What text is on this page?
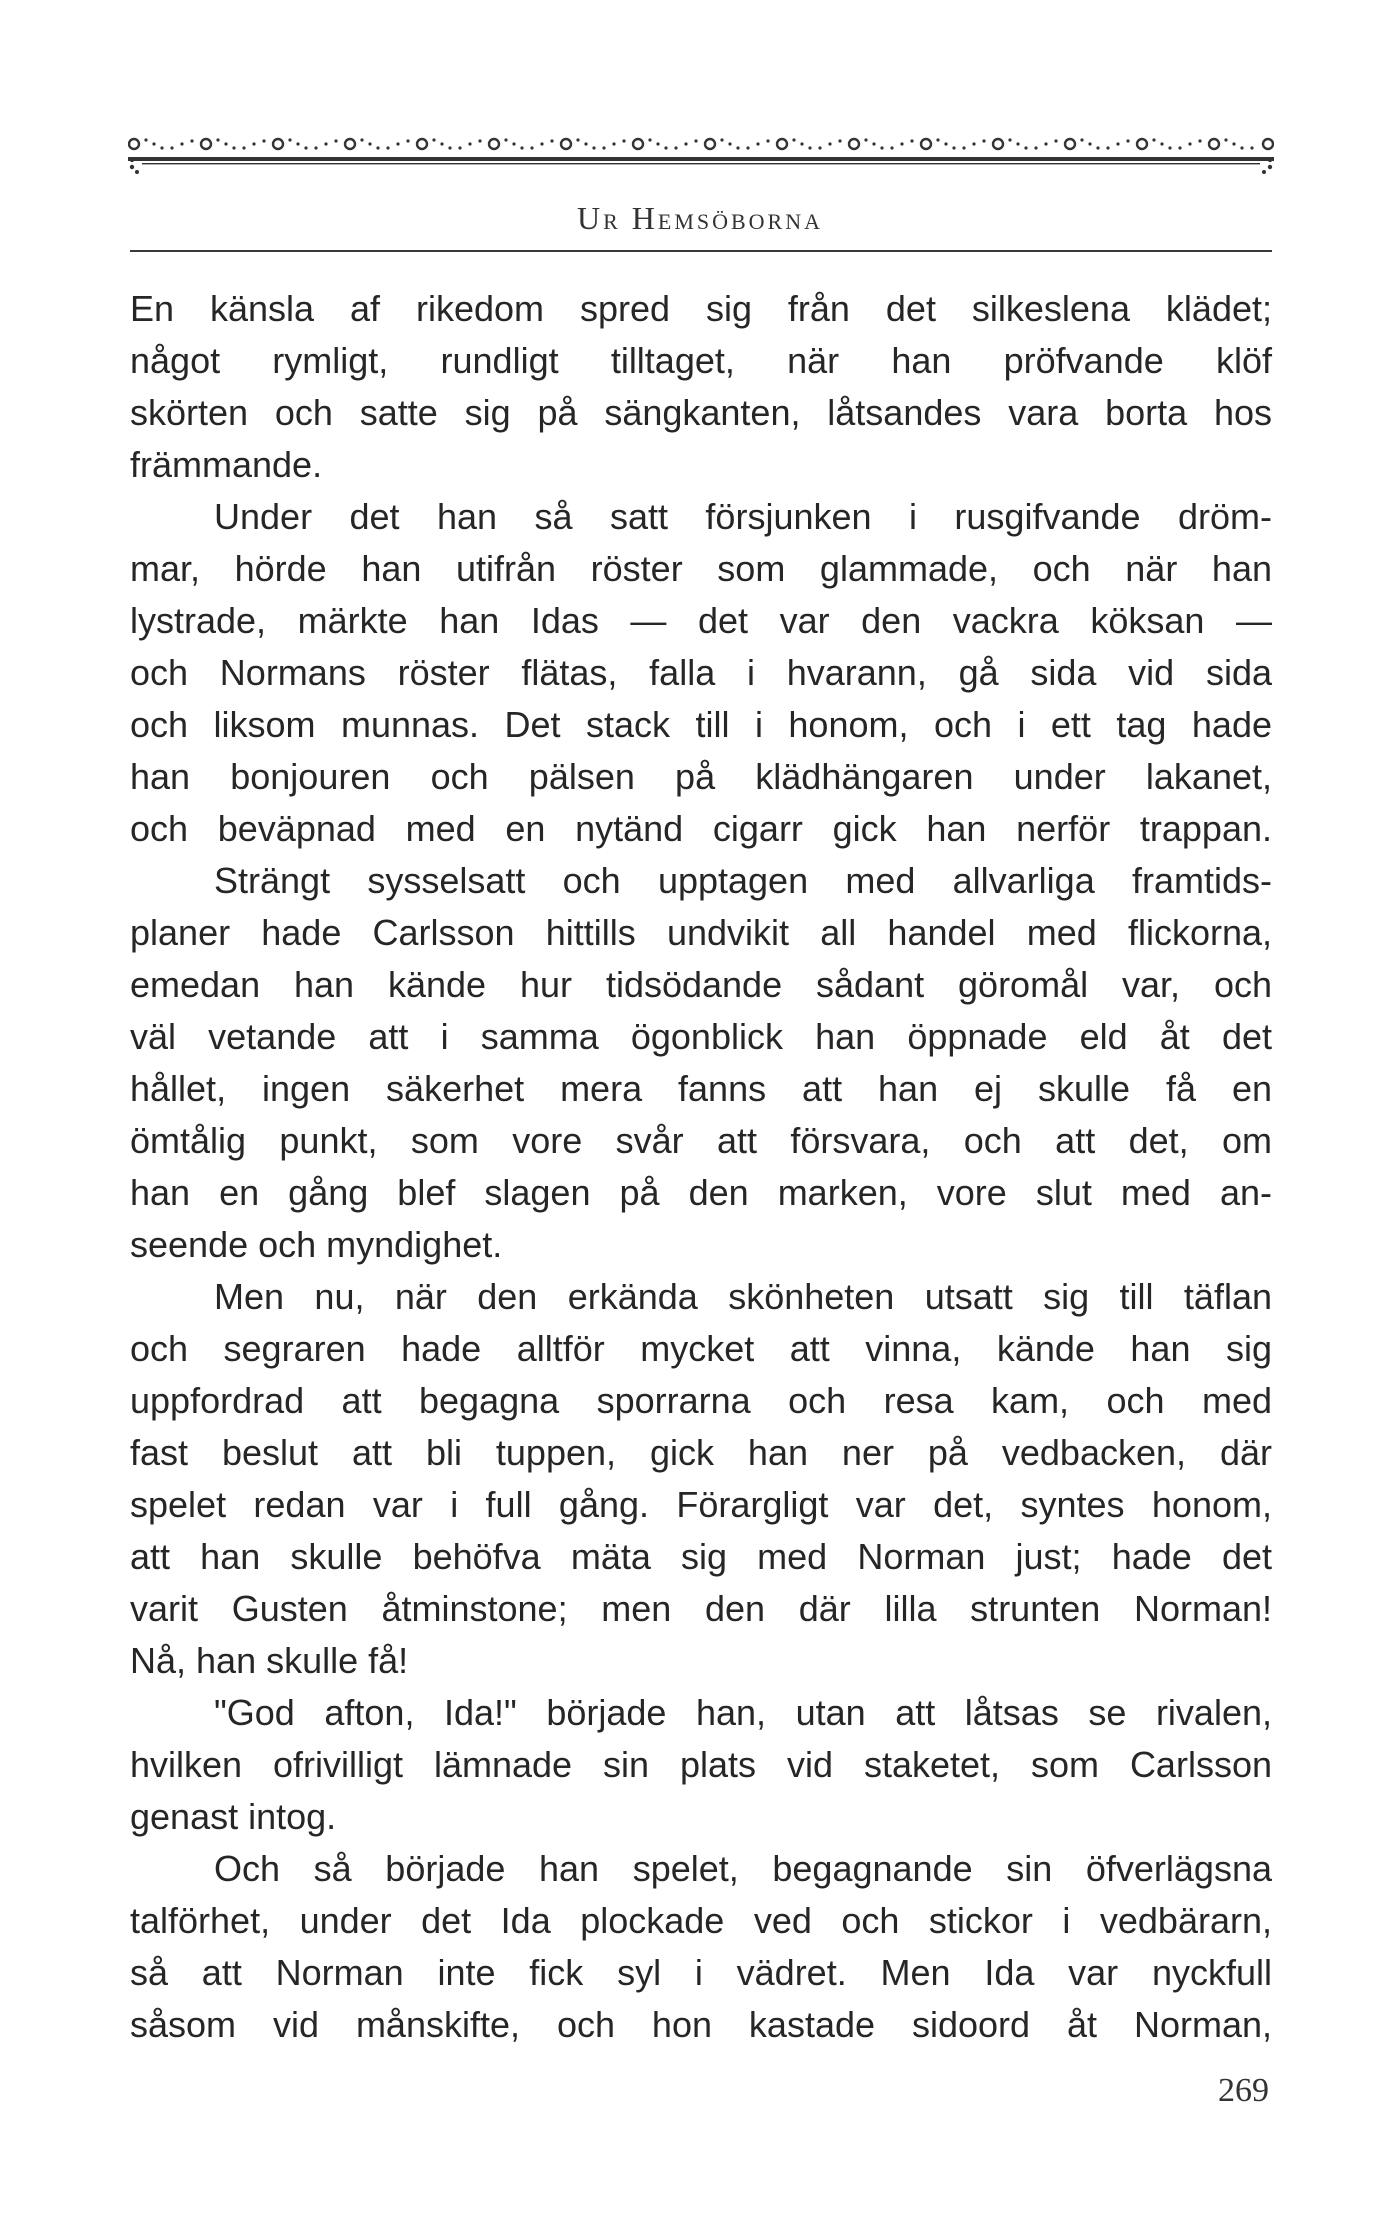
Ur Hemsöborna
En känsla af rikedom spred sig från det silkeslena klädet;
något rymligt, rundligt tilltaget, när han pröfvande klöf
skörten och satte sig på sängkanten, låtsandes vara borta hos
främmande.
Under det han så satt försjunken i rusgifvande dröm-
mar, hörde han utifrån röster som glammade, och när han
lystrade, märkte han Idas — det var den vackra köksan —
och Normans röster flätas, falla i hvarann, gå sida vid sida
och liksom munnas. Det stack till i honom, och i ett tag hade
han bonjouren och pälsen på klädhängaren under lakanet,
och beväpnad med en nytänd cigarr gick han nerför trappan.
Strängt sysselsatt och upptagen med allvarliga framtids-
planer hade Carlsson hittills undvikit all handel med flickorna,
emedan han kände hur tidsödande sådant göromål var, och
väl vetande att i samma ögonblick han öppnade eld åt det
hållet, ingen säkerhet mera fanns att han ej skulle få en
ömtålig punkt, som vore svår att försvara, och att det, om
han en gång blef slagen på den marken, vore slut med an-
seende och myndighet.
Men nu, när den erkända skönheten utsatt sig till täflan
och segraren hade alltför mycket att vinna, kände han sig
uppfordrad att begagna sporrarna och resa kam, och med
fast beslut att bli tuppen, gick han ner på vedbacken, där
spelet redan var i full gång. Förargligt var det, syntes honom,
att han skulle behöfva mäta sig med Norman just; hade det
varit Gusten åtminstone; men den där lilla strunten Norman!
Nå, han skulle få!
"God afton, Ida!" började han, utan att låtsas se rivalen,
hvilken ofrivilligt lämnade sin plats vid staketet, som Carlsson
genast intog.
Och så började han spelet, begagnande sin öfverlägsna
talförhet, under det Ida plockade ved och stickor i vedbärarn,
så att Norman inte fick syl i vädret. Men Ida var nyckfull
såsom vid månskifte, och hon kastade sidoord åt Norman,
269
